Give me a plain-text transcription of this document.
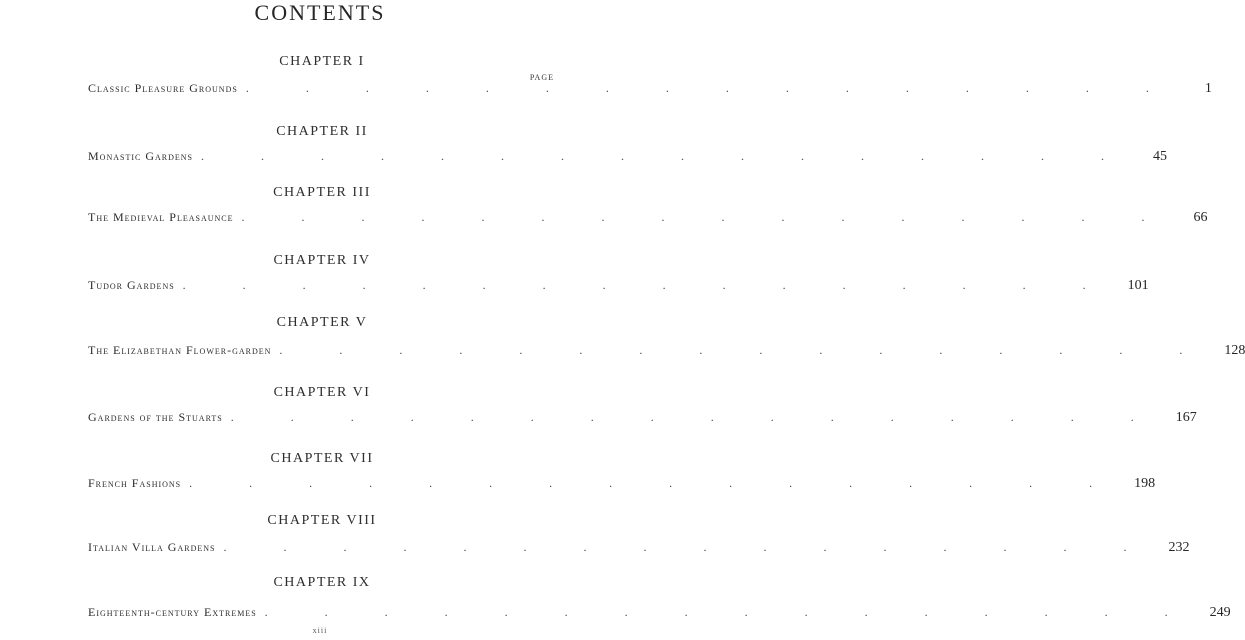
CONTENTS
PAGE
CHAPTER I
Classic Pleasure Grounds . . . . . . . . . . . . . . . .	1
CHAPTER II
Monastic Gardens . . . . . . . . . . . . . . . .	45
CHAPTER III
The Medieval Pleasaunce . . . . . . . . . . . . . . . .	66
CHAPTER IV
Tudor Gardens . . . . . . . . . . . . . . . .	101
CHAPTER V
The Elizabethan Flower-garden . . . . . . . . . . . . . . . .	128
CHAPTER VI
Gardens of the Stuarts . . . . . . . . . . . . . . . .	167
CHAPTER VII
French Fashions . . . . . . . . . . . . . . . .	198
CHAPTER VIII
Italian Villa Gardens . . . . . . . . . . . . . . . .	232
CHAPTER IX
Eighteenth-century Extremes . . . . . . . . . . . . . . . .	249
xiii
